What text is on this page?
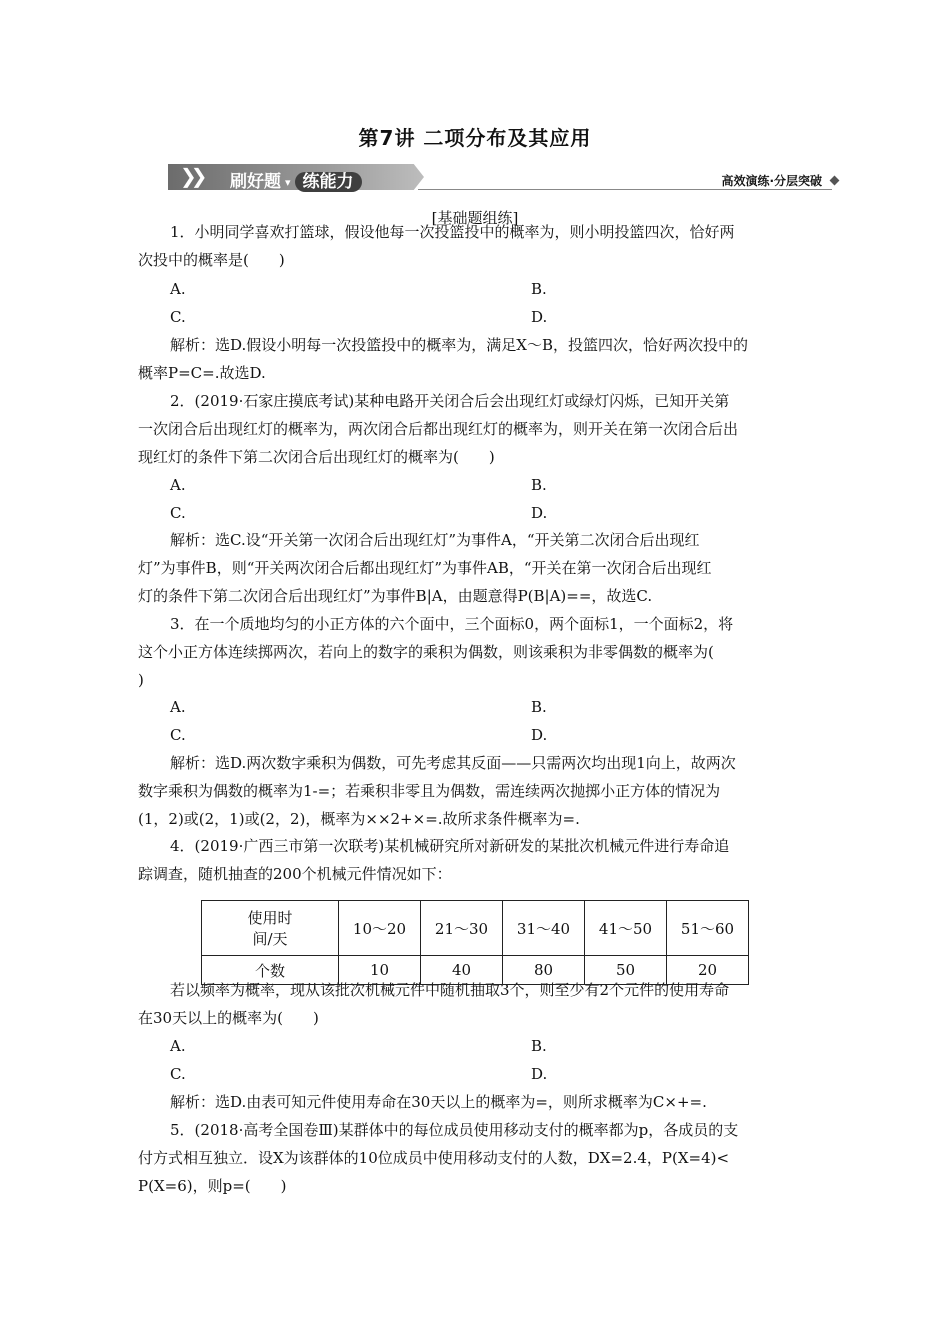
第7讲 二项分布及其应用
❯❯ 刷好题 ▾ 练能力	高效演练·分层突破
[基础题组练]
1．小明同学喜欢打篮球，假设他每一次投篮投中的概率为，则小明投篮四次，恰好两
次投中的概率是(　　)
A.	B.
C.	D.
解析：选D.假设小明每一次投篮投中的概率为，满足X～B，投篮四次，恰好两次投中的
概率P=C=.故选D.
2．(2019·石家庄摸底考试)某种电路开关闭合后会出现红灯或绿灯闪烁，已知开关第
一次闭合后出现红灯的概率为，两次闭合后都出现红灯的概率为，则开关在第一次闭合后出
现红灯的条件下第二次闭合后出现红灯的概率为(　　)
A.	B.
C.	D.
解析：选C.设“开关第一次闭合后出现红灯”为事件A，“开关第二次闭合后出现红
灯”为事件B，则“开关两次闭合后都出现红灯”为事件AB，“开关在第一次闭合后出现红
灯的条件下第二次闭合后出现红灯”为事件B|A，由题意得P(B|A)==，故选C.
3．在一个质地均匀的小正方体的六个面中，三个面标0，两个面标1，一个面标2，将
这个小正方体连续掷两次，若向上的数字的乘积为偶数，则该乘积为非零偶数的概率为(
)
A.	B.
C.	D.
解析：选D.两次数字乘积为偶数，可先考虑其反面——只需两次均出现1向上，故两次
数字乘积为偶数的概率为1-=；若乘积非零且为偶数，需连续两次抛掷小正方体的情况为
(1，2)或(2，1)或(2，2)，概率为××2+×=.故所求条件概率为=.
4．(2019·广西三市第一次联考)某机械研究所对新研发的某批次机械元件进行寿命追
踪调查，随机抽查的200个机械元件情况如下：
若以频率为概率，现从该批次机械元件中随机抽取3个，则至少有2个元件的使用寿命
在30天以上的概率为(　　)
A.	B.
C.	D.
解析：选D.由表可知元件使用寿命在30天以上的概率为=，则所求概率为C×+=.
5．(2018·高考全国卷Ⅲ)某群体中的每位成员使用移动支付的概率都为p，各成员的支
付方式相互独立．设X为该群体的10位成员中使用移动支付的人数，DX=2.4，P(X=4)<
P(X=6)，则p=(　　)
使用时
间/天	10～20	21～30	31～40	41～50	51～60
个数	10	40	80	50	20
